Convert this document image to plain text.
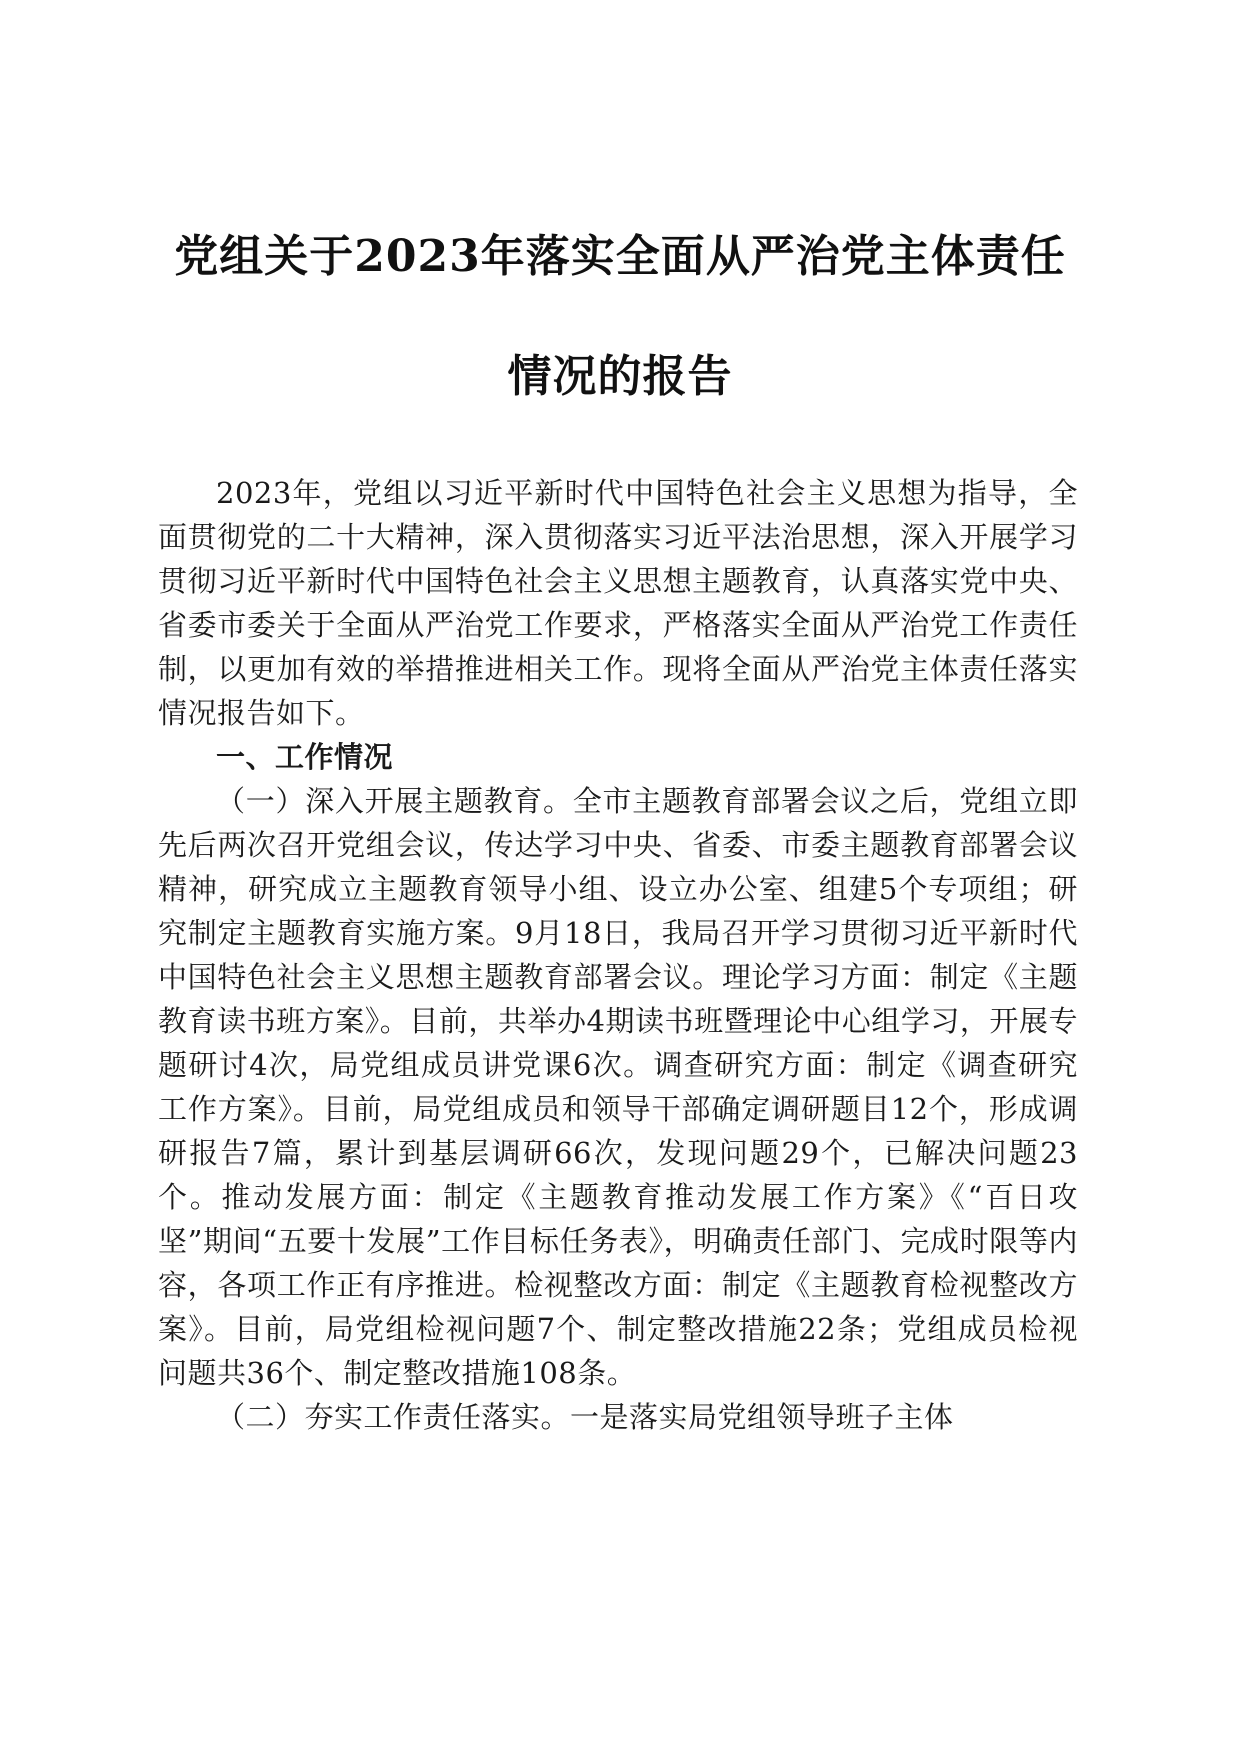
党组关于2023年落实全面从严治党主体责任
情况的报告

2023年，党组以习近平新时代中国特色社会主义思想为指导，全面贯彻党的二十大精神，深入贯彻落实习近平法治思想，深入开展学习贯彻习近平新时代中国特色社会主义思想主题教育，认真落实党中央、省委市委关于全面从严治党工作要求，严格落实全面从严治党工作责任制，以更加有效的举措推进相关工作。现将全面从严治党主体责任落实情况报告如下。

一、工作情况

（一）深入开展主题教育。全市主题教育部署会议之后，党组立即先后两次召开党组会议，传达学习中央、省委、市委主题教育部署会议精神，研究成立主题教育领导小组、设立办公室、组建5个专项组；研究制定主题教育实施方案。9月18日，我局召开学习贯彻习近平新时代中国特色社会主义思想主题教育部署会议。理论学习方面：制定《主题教育读书班方案》。目前，共举办4期读书班暨理论中心组学习，开展专题研讨4次，局党组成员讲党课6次。调查研究方面：制定《调查研究工作方案》。目前，局党组成员和领导干部确定调研题目12个，形成调研报告7篇，累计到基层调研66次，发现问题29个，已解决问题23个。推动发展方面：制定《主题教育推动发展工作方案》《“百日攻坚”期间“五要十发展”工作目标任务表》，明确责任部门、完成时限等内容，各项工作正有序推进。检视整改方面：制定《主题教育检视整改方案》。目前，局党组检视问题7个、制定整改措施22条；党组成员检视问题共36个、制定整改措施108条。

（二）夯实工作责任落实。一是落实局党组领导班子主体
